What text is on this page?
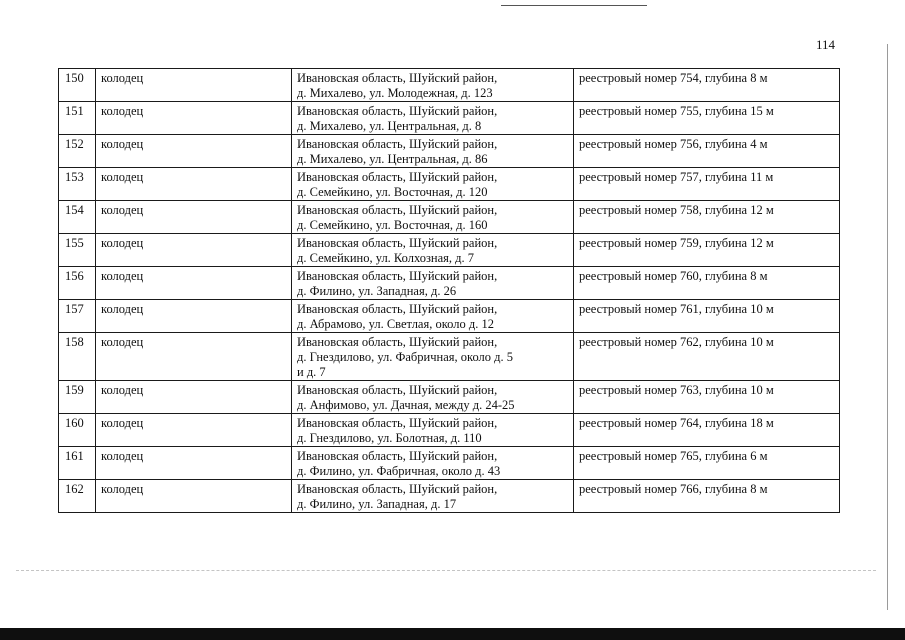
114
150	колодец	Ивановская область, Шуйский район,
д. Михалево, ул. Молодежная, д. 123	реестровый номер 754, глубина 8 м
151	колодец	Ивановская область, Шуйский район,
д. Михалево, ул. Центральная, д. 8	реестровый номер 755, глубина 15 м
152	колодец	Ивановская область, Шуйский район,
д. Михалево, ул. Центральная, д. 86	реестровый номер 756, глубина 4 м
153	колодец	Ивановская область, Шуйский район,
д. Семейкино, ул. Восточная, д. 120	реестровый номер 757, глубина 11 м
154	колодец	Ивановская область, Шуйский район,
д. Семейкино, ул. Восточная, д. 160	реестровый номер 758, глубина 12 м
155	колодец	Ивановская область, Шуйский район,
д. Семейкино, ул. Колхозная, д. 7	реестровый номер 759, глубина 12 м
156	колодец	Ивановская область, Шуйский район,
д. Филино, ул. Западная, д. 26	реестровый номер 760, глубина 8 м
157	колодец	Ивановская область, Шуйский район,
д. Абрамово, ул. Светлая, около д. 12	реестровый номер 761, глубина 10 м
158	колодец	Ивановская область, Шуйский район,
д. Гнездилово, ул. Фабричная, около д. 5
и д. 7	реестровый номер 762, глубина 10 м
159	колодец	Ивановская область, Шуйский район,
д. Анфимово, ул. Дачная, между д. 24-25	реестровый номер 763, глубина 10 м
160	колодец	Ивановская область, Шуйский район,
д. Гнездилово, ул. Болотная, д. 110	реестровый номер 764, глубина 18 м
161	колодец	Ивановская область, Шуйский район,
д. Филино, ул. Фабричная, около д. 43	реестровый номер 765, глубина 6 м
162	колодец	Ивановская область, Шуйский район,
д. Филино, ул. Западная, д. 17	реестровый номер 766, глубина 8 м
